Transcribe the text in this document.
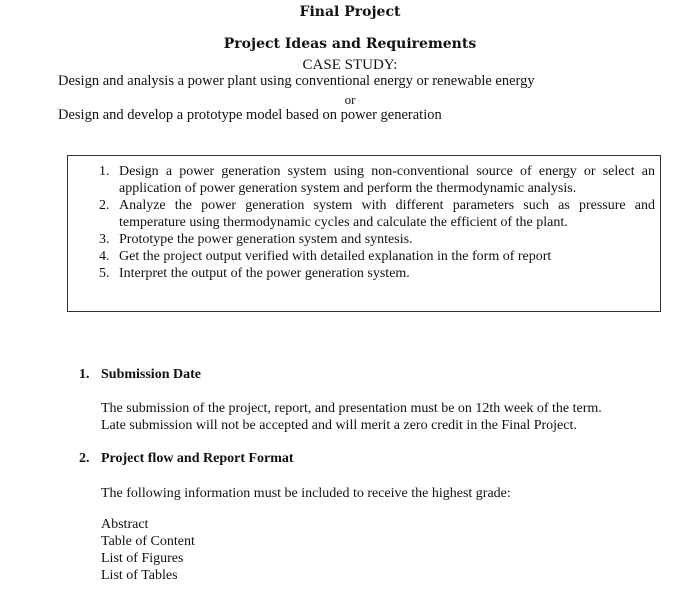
Final Project
Project Ideas and Requirements
CASE STUDY:
Design and analysis a power plant using conventional energy or renewable energy
or
Design and develop a prototype model based on power generation
1. Design a power generation system using non-conventional source of energy or select an application of power generation system and perform the thermodynamic analysis.
2. Analyze the power generation system with different parameters such as pressure and temperature using thermodynamic cycles and calculate the efficient of the plant.
3. Prototype the power generation system and syntesis.
4. Get the project output verified with detailed explanation in the form of report
5. Interpret the output of the power generation system.
1. Submission Date
The submission of the project, report, and presentation must be on 12th week of the term.
Late submission will not be accepted and will merit a zero credit in the Final Project.
2. Project flow and Report Format
The following information must be included to receive the highest grade:
Abstract
Table of Content
List of Figures
List of Tables
